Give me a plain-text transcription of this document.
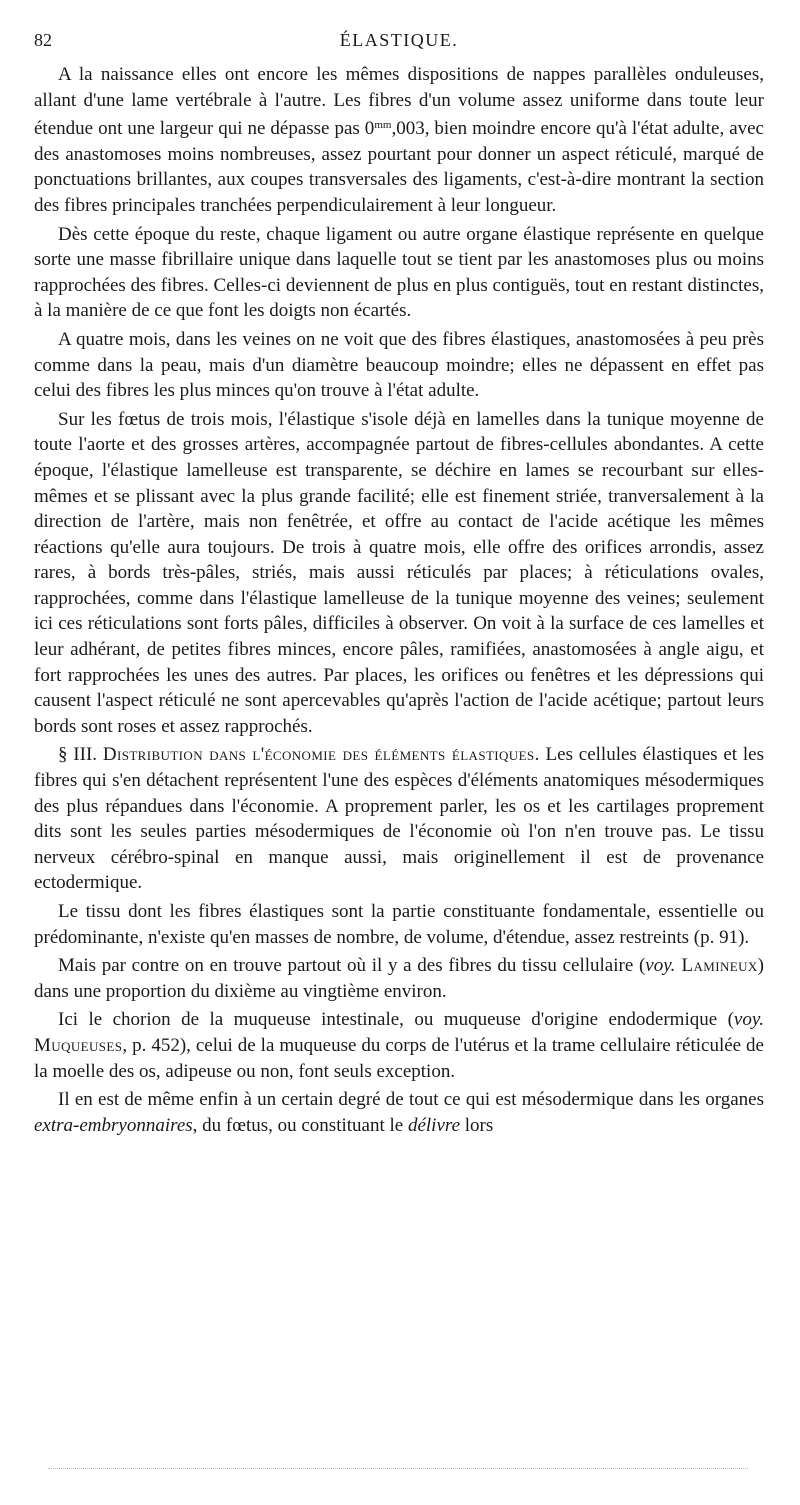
82	ÉLASTIQUE.

A la naissance elles ont encore les mêmes dispositions de nappes parallèles onduleuses, allant d'une lame vertébrale à l'autre. Les fibres d'un volume assez uniforme dans toute leur étendue ont une largeur qui ne dépasse pas $0^{mm},003$, bien moindre encore qu'à l'état adulte, avec des anastomoses moins nombreuses, assez pourtant pour donner un aspect réticulé, marqué de ponctuations brillantes, aux coupes transversales des ligaments, c'est-à-dire montrant la section des fibres principales tranchées perpendiculairement à leur longueur.

Dès cette époque du reste, chaque ligament ou autre organe élastique représente en quelque sorte une masse fibrillaire unique dans laquelle tout se tient par les anastomoses plus ou moins rapprochées des fibres. Celles-ci deviennent de plus en plus contiguës, tout en restant distinctes, à la manière de ce que font les doigts non écartés.

A quatre mois, dans les veines on ne voit que des fibres élastiques, anastomosées à peu près comme dans la peau, mais d'un diamètre beaucoup moindre; elles ne dépassent en effet pas celui des fibres les plus minces qu'on trouve à l'état adulte.

Sur les fœtus de trois mois, l'élastique s'isole déjà en lamelles dans la tunique moyenne de toute l'aorte et des grosses artères, accompagnée partout de fibres-cellules abondantes. A cette époque, l'élastique lamelleuse est transparente, se déchire en lames se recourbant sur elles-mêmes et se plissant avec la plus grande facilité; elle est finement striée, tranversalement à la direction de l'artère, mais non fenêtrée, et offre au contact de l'acide acétique les mêmes réactions qu'elle aura toujours. De trois à quatre mois, elle offre des orifices arrondis, assez rares, à bords très-pâles, striés, mais aussi réticulés par places; à réticulations ovales, rapprochées, comme dans l'élastique lamelleuse de la tunique moyenne des veines; seulement ici ces réticulations sont forts pâles, difficiles à observer. On voit à la surface de ces lamelles et leur adhérant, de petites fibres minces, encore pâles, ramifiées, anastomosées à angle aigu, et fort rapprochées les unes des autres. Par places, les orifices ou fenêtres et les dépressions qui causent l'aspect réticulé ne sont apercevables qu'après l'action de l'acide acétique; partout leurs bords sont roses et assez rapprochés.

§ III. Distribution dans l'économie des éléments élastiques. Les cellules élastiques et les fibres qui s'en détachent représentent l'une des espèces d'éléments anatomiques mésodermiques des plus répandues dans l'économie. A proprement parler, les os et les cartilages proprement dits sont les seules parties mésodermiques de l'économie où l'on n'en trouve pas. Le tissu nerveux cérébro-spinal en manque aussi, mais originellement il est de provenance ectodermique.

Le tissu dont les fibres élastiques sont la partie constituante fondamentale, essentielle ou prédominante, n'existe qu'en masses de nombre, de volume, d'étendue, assez restreints (p. 91).

Mais par contre on en trouve partout où il y a des fibres du tissu cellulaire (voy. Lamineux) dans une proportion du dixième au vingtième environ.

Ici le chorion de la muqueuse intestinale, ou muqueuse d'origine endodermique (voy. Muqueuses, p. 452), celui de la muqueuse du corps de l'utérus et la trame cellulaire réticulée de la moelle des os, adipeuse ou non, font seuls exception.

Il en est de même enfin à un certain degré de tout ce qui est mésodermique dans les organes extra-embryonnaires, du fœtus, ou constituant le délivre lors
